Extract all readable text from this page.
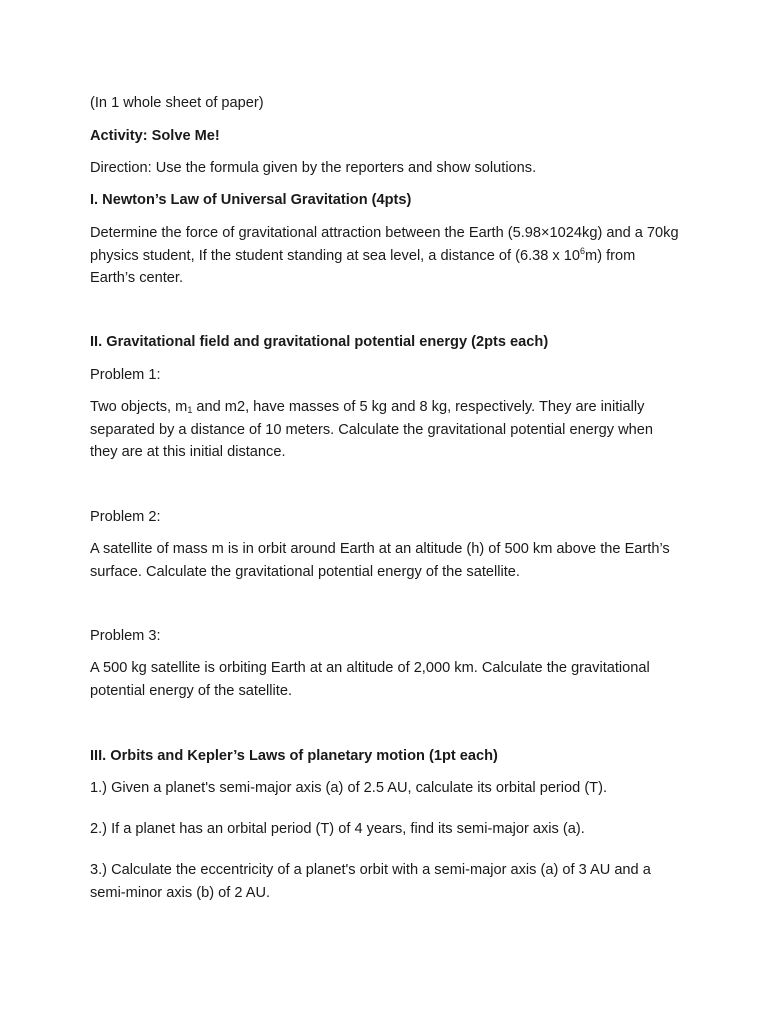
(In 1 whole sheet of paper)

Activity: Solve Me!

Direction: Use the formula given by the reporters and show solutions.

I. Newton’s Law of Universal Gravitation (4pts)

Determine the force of gravitational attraction between the Earth (5.98×1024kg) and a 70kg physics student, If the student standing at sea level, a distance of (6.38 x $10^6m$) from Earth’s center.

II. Gravitational field and gravitational potential energy (2pts each)

Problem 1:

Two objects, $m_1$ and m2, have masses of 5 kg and 8 kg, respectively. They are initially separated by a distance of 10 meters. Calculate the gravitational potential energy when they are at this initial distance.

Problem 2:

A satellite of mass m is in orbit around Earth at an altitude (h) of 500 km above the Earth’s surface. Calculate the gravitational potential energy of the satellite.

Problem 3:

A 500 kg satellite is orbiting Earth at an altitude of 2,000 km. Calculate the gravitational potential energy of the satellite.

III. Orbits and Kepler’s Laws of planetary motion (1pt each)

1.) Given a planet's semi-major axis (a) of 2.5 AU, calculate its orbital period (T).

2.) If a planet has an orbital period (T) of 4 years, find its semi-major axis (a).

3.) Calculate the eccentricity of a planet's orbit with a semi-major axis (a) of 3 AU and a semi-minor axis (b) of 2 AU.
